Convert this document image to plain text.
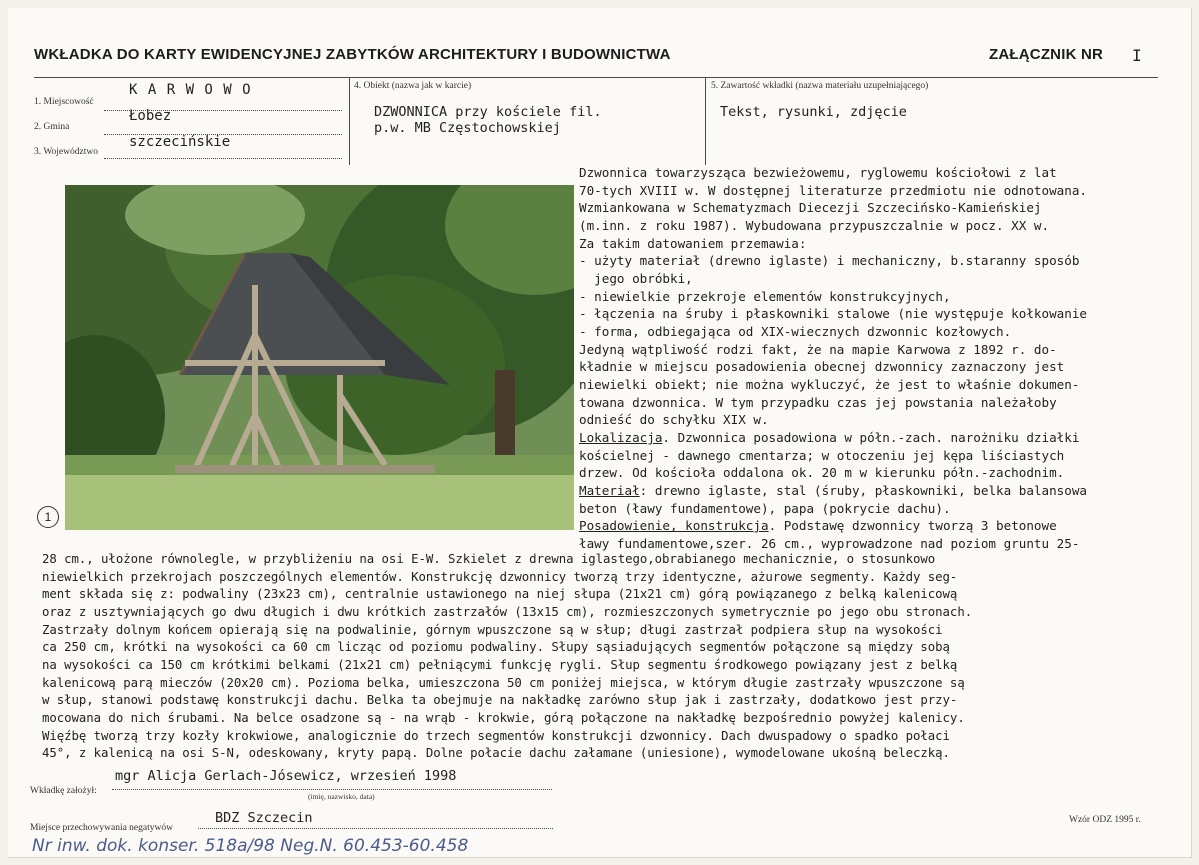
WKŁADKA DO KARTY EWIDENCYJNEJ ZABYTKÓW ARCHITEKTURY I BUDOWNICTWA	ZAŁĄCZNIK NR I
1. Miejscowość
K A R W O W O
2. Gmina
Łobez
3. Województwo
szczecińskie
4. Obiekt (nazwa jak w karcie)
DZWONNICA przy kościele fil.
p.w. MB Częstochowskiej
5. Zawartość wkładki (nazwa materiału uzupełniającego)
Tekst, rysunki, zdjęcie
1
Dzwonnica towarzysząca bezwieżowemu, ryglowemu kościołowi z lat
70-tych XVIII w. W dostępnej literaturze przedmiotu nie odnotowana.
Wzmiankowana w Schematyzmach Diecezji Szczecińsko-Kamieńskiej
(m.inn. z roku 1987). Wybudowana przypuszczalnie w pocz. XX w.
Za takim datowaniem przemawia:
- użyty materiał (drewno iglaste) i mechaniczny, b.staranny sposób
jego obróbki,
- niewielkie przekroje elementów konstrukcyjnych,
- łączenia na śruby i płaskowniki stalowe (nie występuje kołkowanie
- forma, odbiegająca od XIX-wiecznych dzwonnic kozłowych.
Jedyną wątpliwość rodzi fakt, że na mapie Karwowa z 1892 r. do-
kładnie w miejscu posadowienia obecnej dzwonnicy zaznaczony jest
niewielki obiekt; nie można wykluczyć, że jest to właśnie dokumen-
towana dzwonnica. W tym przypadku czas jej powstania należałoby
odnieść do schyłku XIX w.
Lokalizacja. Dzwonnica posadowiona w półn.-zach. narożniku działki
kościelnej - dawnego cmentarza; w otoczeniu jej kępa liściastych
drzew. Od kościoła oddalona ok. 20 m w kierunku półn.-zachodnim.
Materiał: drewno iglaste, stal (śruby, płaskowniki, belka balansowa
beton (ławy fundamentowe), papa (pokrycie dachu).
Posadowienie, konstrukcja. Podstawę dzwonnicy tworzą 3 betonowe
ławy fundamentowe,szer. 26 cm., wyprowadzone nad poziom gruntu 25-
28 cm., ułożone równolegle, w przybliżeniu na osi E-W. Szkielet z drewna iglastego,obrabianego mechanicznie, o stosunkowo
niewielkich przekrojach poszczególnych elementów. Konstrukcję dzwonnicy tworzą trzy identyczne, ażurowe segmenty. Każdy seg-
ment składa się z: podwaliny (23x23 cm), centralnie ustawionego na niej słupa (21x21 cm) górą powiązanego z belką kalenicową
oraz z usztywniających go dwu długich i dwu krótkich zastrzałów (13x15 cm), rozmieszczonych symetrycznie po jego obu stronach.
Zastrzały dolnym końcem opierają się na podwalinie, górnym wpuszczone są w słup; długi zastrzał podpiera słup na wysokości
ca 250 cm, krótki na wysokości ca 60 cm licząc od poziomu podwaliny. Słupy sąsiadujących segmentów połączone są między sobą
na wysokości ca 150 cm krótkimi belkami (21x21 cm) pełniącymi funkcję rygli. Słup segmentu środkowego powiązany jest z belką
kalenicową parą mieczów (20x20 cm). Pozioma belka, umieszczona 50 cm poniżej miejsca, w którym długie zastrzały wpuszczone są
w słup, stanowi podstawę konstrukcji dachu. Belka ta obejmuje na nakładkę zarówno słup jak i zastrzały, dodatkowo jest przy-
mocowana do nich śrubami. Na belce osadzone są - na wrąb - krokwie, górą połączone na nakładkę bezpośrednio powyżej kalenicy.
Więźbę tworzą trzy kozły krokwiowe, analogicznie do trzech segmentów konstrukcji dzwonnicy. Dach dwuspadowy o spadko połaci
45°, z kalenicą na osi S-N, odeskowany, kryty papą. Dolne połacie dachu załamane (uniesione), wymodelowane ukośną beleczką.
Wkładkę założył:
mgr Alicja Gerlach-Jósewicz, wrzesień 1998
(imię, nazwisko, data)
Miejsce przechowywania negatywów
BDZ Szczecin	Wzór ODZ 1995 r.
Nr inw. dok. konser. 518a/98 Neg.N. 60.453-60.458
